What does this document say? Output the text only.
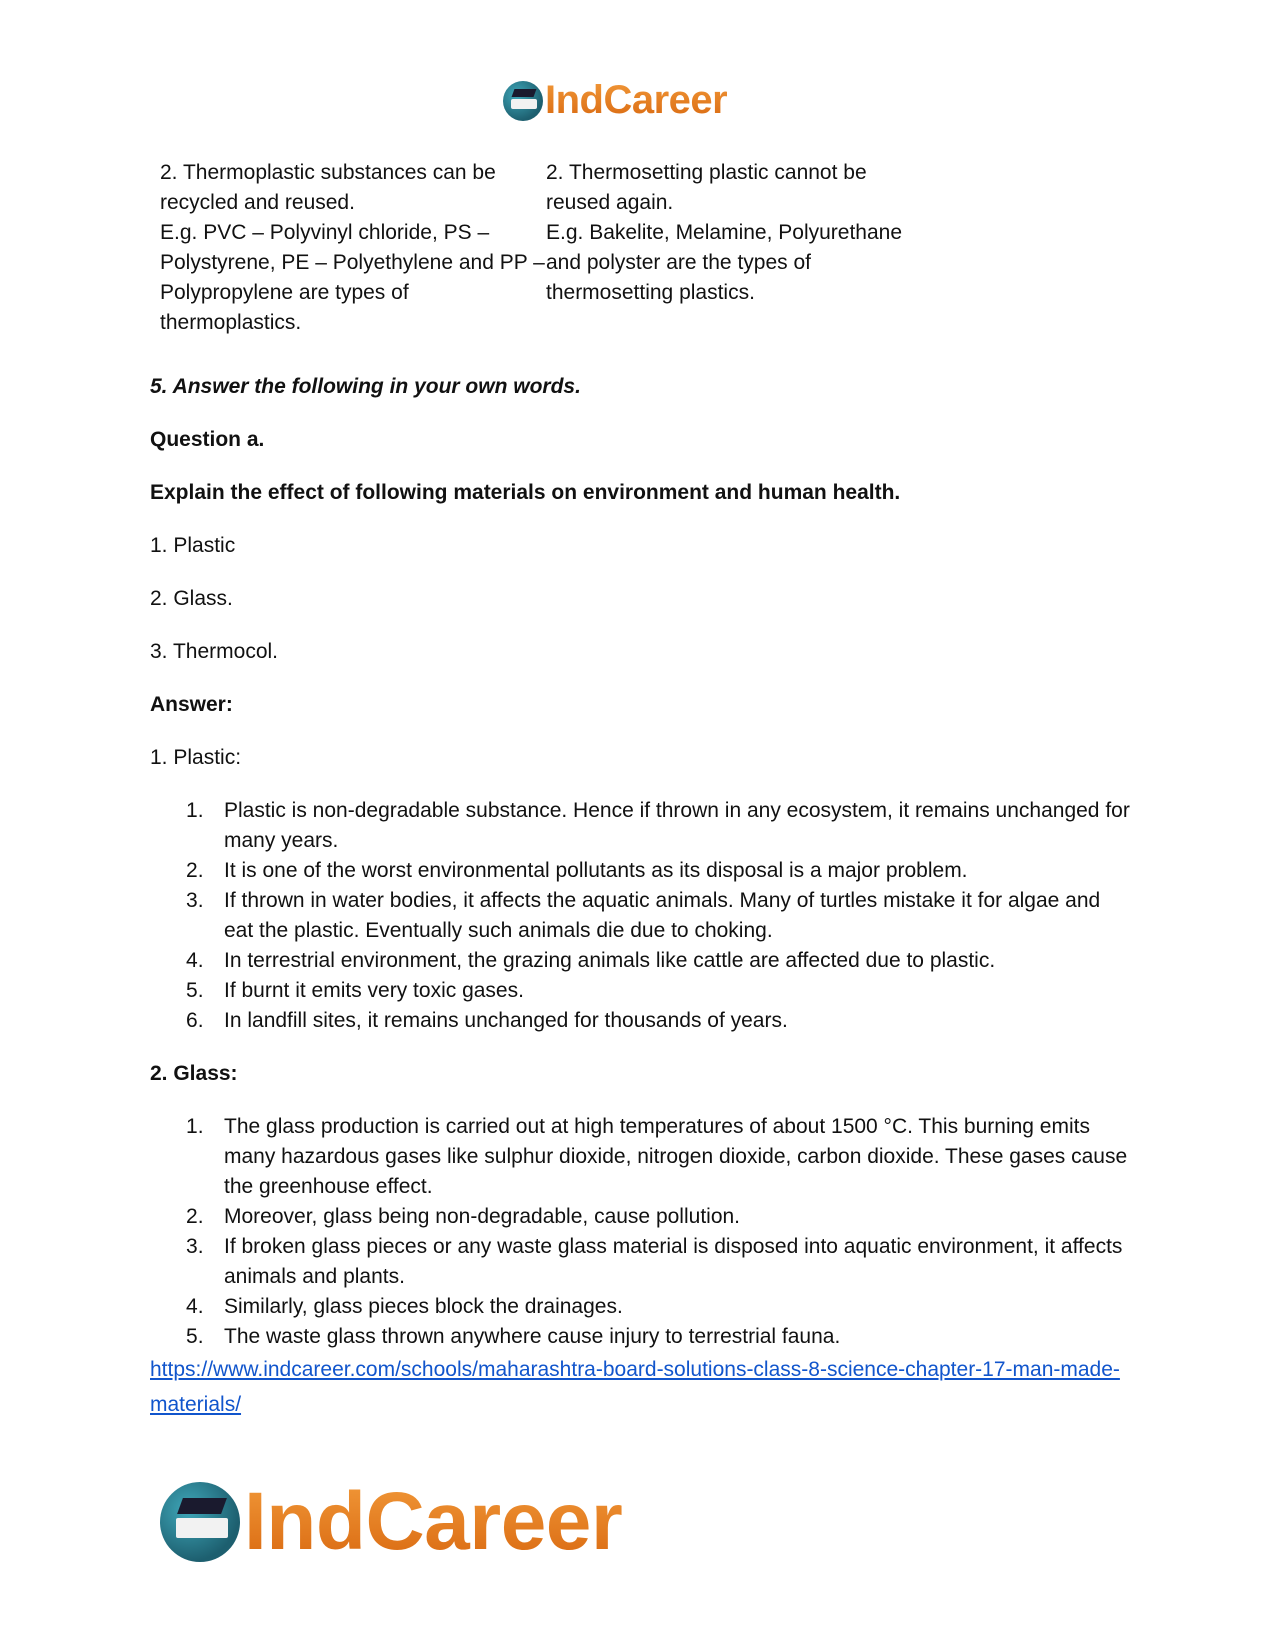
IndCareer

2. Thermoplastic substances can be recycled and reused.

E.g. PVC – Polyvinyl chloride, PS – Polystyrene, PE – Polyethylene and PP – Polypropylene are types of thermoplastics.

2. Thermosetting plastic cannot be reused again.

E.g. Bakelite, Melamine, Polyurethane and polyster are the types of thermosetting plastics.

5. Answer the following in your own words.

Question a.

Explain the effect of following materials on environment and human health.

1. Plastic

2. Glass.

3. Thermocol.

Answer:

1. Plastic:

Plastic is non-degradable substance. Hence if thrown in any ecosystem, it remains unchanged for many years.
It is one of the worst environmental pollutants as its disposal is a major problem.
If thrown in water bodies, it affects the aquatic animals. Many of turtles mistake it for algae and eat the plastic. Eventually such animals die due to choking.
In terrestrial environment, the grazing animals like cattle are affected due to plastic.
If burnt it emits very toxic gases.
In landfill sites, it remains unchanged for thousands of years.

2. Glass:

The glass production is carried out at high temperatures of about 1500 °C. This burning emits many hazardous gases like sulphur dioxide, nitrogen dioxide, carbon dioxide. These gases cause the greenhouse effect.
Moreover, glass being non-degradable, cause pollution.
If broken glass pieces or any waste glass material is disposed into aquatic environment, it affects animals and plants.
Similarly, glass pieces block the drainages.
The waste glass thrown anywhere cause injury to terrestrial fauna.
https://www.indcareer.com/schools/maharashtra-board-solutions-class-8-science-chapter-17-man-made-materials/
IndCareer
